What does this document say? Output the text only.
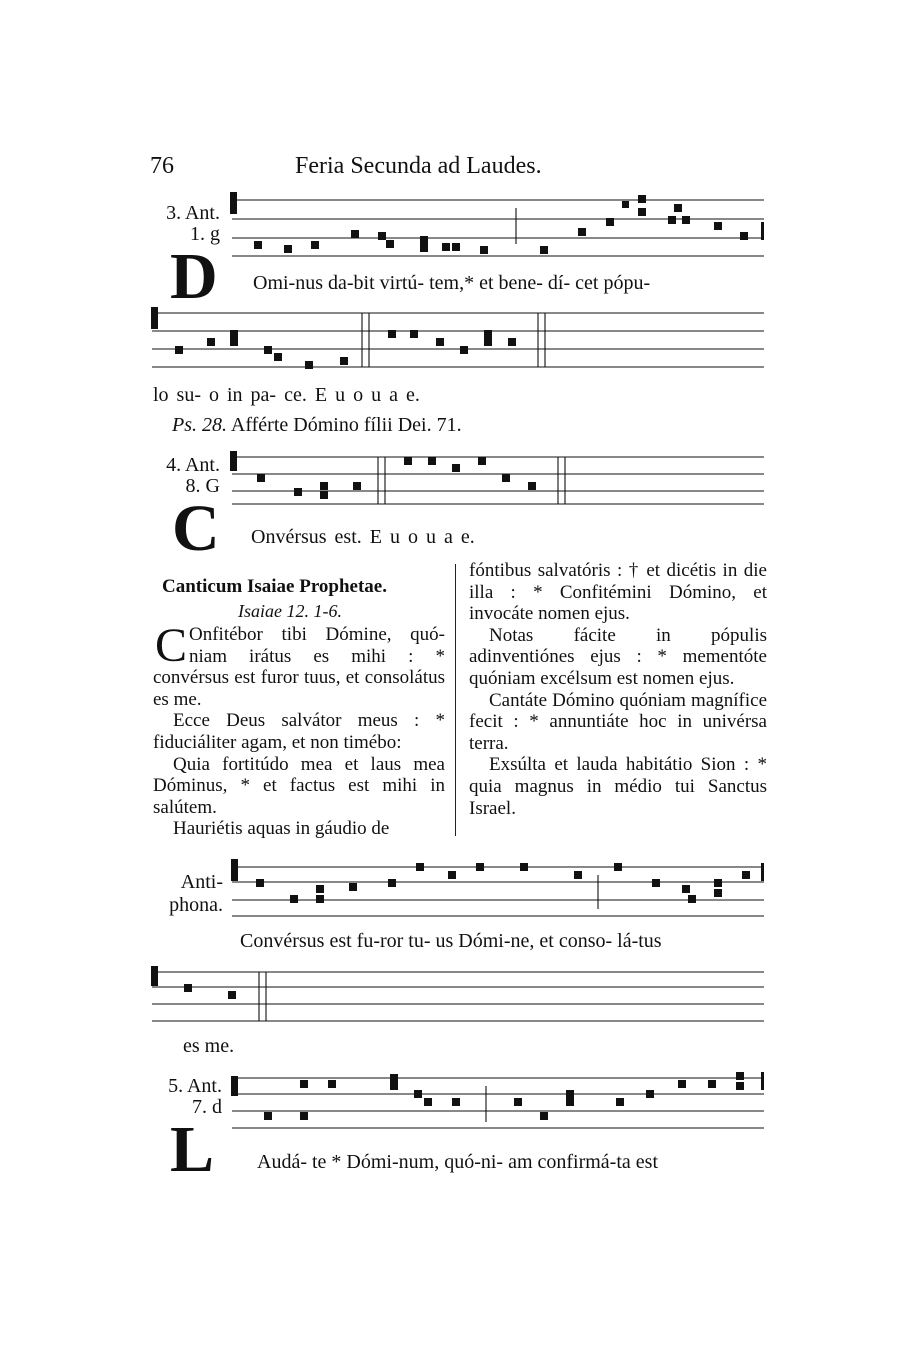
76	Feria Secunda ad Laudes.
3. Ant.
1. g
D Omi-nus da-bit virtú- tem,* et bene- dí- cet pópu-
lo su- o in pa- ce. E u o u a e.
Ps. 28. Afférte Dómino fílii Dei. 71.
4. Ant.
8. G
C Onvérsus est. E u o u a e.
Canticum Isaiae Prophetae.
Isaiae 12. 1-6.
C Onfitébor tibi Dómine, quó-
niam irátus es mihi : *

convérsus est furor tuus, et consolátus es me.

Ecce Deus salvátor meus : * fiduciáliter agam, et non timébo:

Quia fortitúdo mea et laus mea Dóminus, * et factus est mihi in salútem.

Hauriétis aquas in gáudio de

fóntibus salvatóris : † et dicétis in die illa : * Confitémini Dómino, et invocáte nomen ejus.

Notas fácite in pópulis adinventiónes ejus : * mementóte quóniam excélsum est nomen ejus.

Cantáte Dómino quóniam magnífice fecit : * annuntiáte hoc in univérsa terra.

Exsúlta et lauda habitátio Sion : * quia magnus in médio tui Sanctus Israel.

Anti-
phona.
Convérsus est fu-ror tu- us Dómi-ne, et conso- lá-tus
es me.
5. Ant.
7. d
L Audá- te * Dómi-num, quó-ni- am confirmá-ta est
